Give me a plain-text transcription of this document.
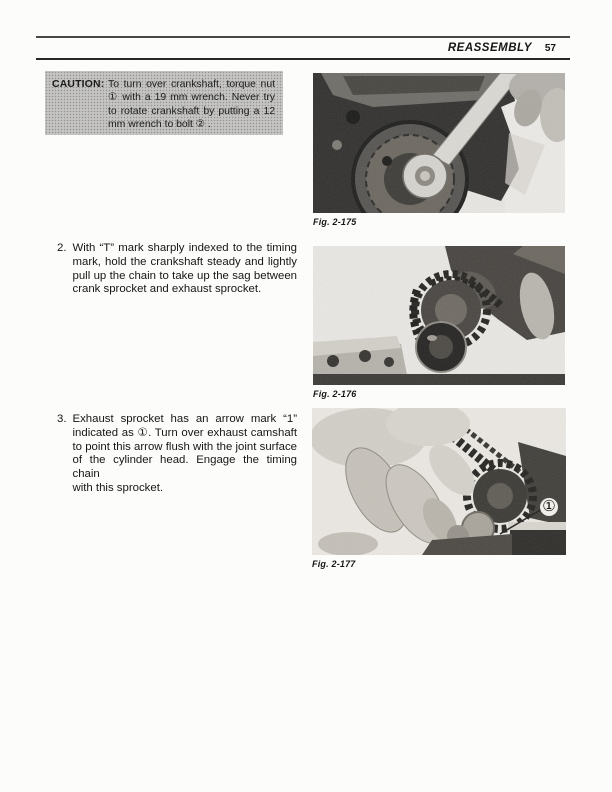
REASSEMBLY 57
CAUTION: To turn over crankshaft, torque nut
① with a 19 mm wrench. Never try
to rotate crankshaft by putting a 12
mm wrench to bolt ② .
2. With “T” mark sharply indexed to the timing
mark, hold the crankshaft steady and lightly
pull up the chain to take up the sag between
crank sprocket and exhaust sprocket.
3. Exhaust sprocket has an arrow mark “1”
indicated as ①. Turn over exhaust camshaft
to point this arrow flush with the joint surface
of the cylinder head. Engage the timing chain
with this sprocket.
Fig. 2-175
Fig. 2-176
①
Fig. 2-177
